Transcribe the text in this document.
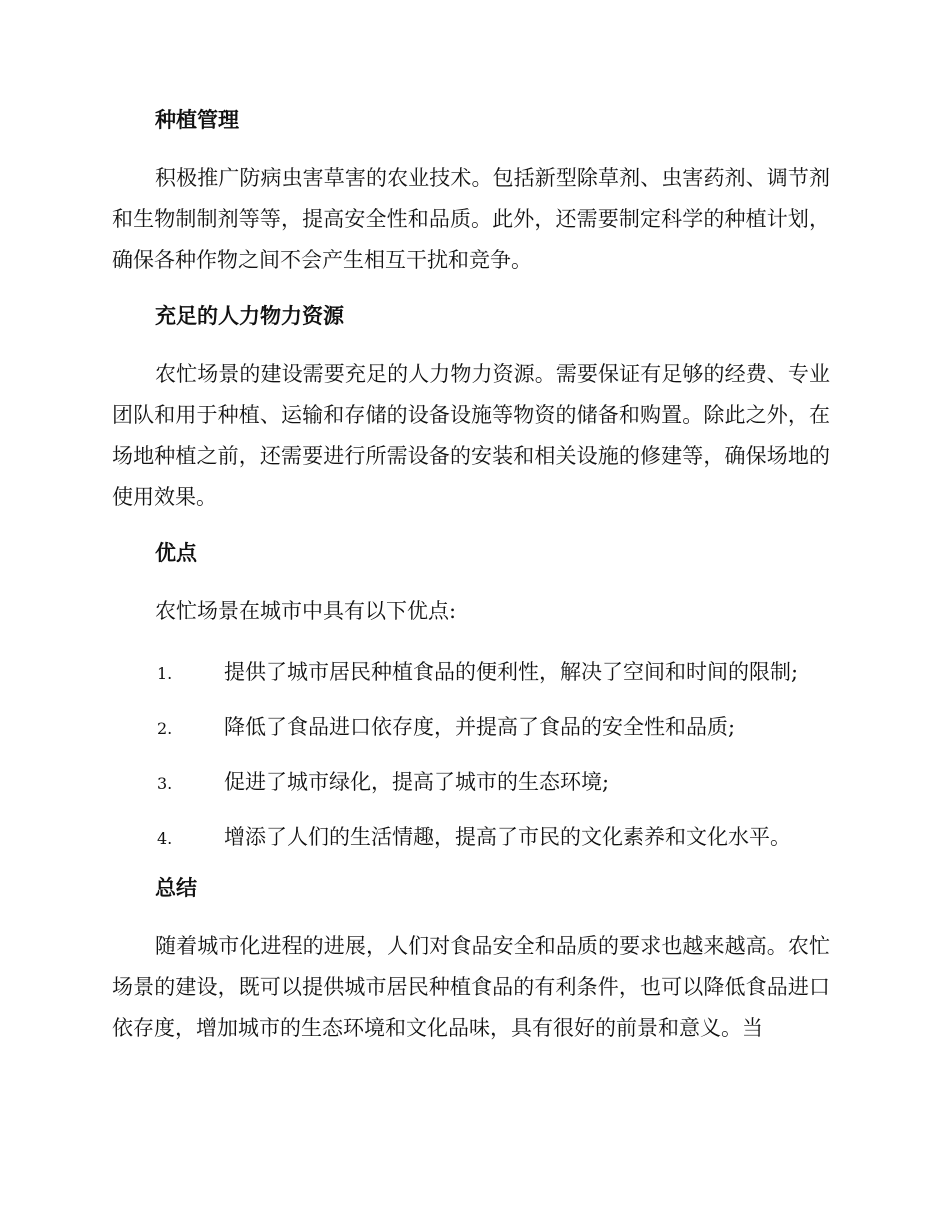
种植管理

积极推广防病虫害草害的农业技术。包括新型除草剂、虫害药剂、调节剂和生物制制剂等等，提高安全性和品质。此外，还需要制定科学的种植计划，确保各种作物之间不会产生相互干扰和竞争。

充足的人力物力资源

农忙场景的建设需要充足的人力物力资源。需要保证有足够的经费、专业团队和用于种植、运输和存储的设备设施等物资的储备和购置。除此之外，在场地种植之前，还需要进行所需设备的安装和相关设施的修建等，确保场地的使用效果。

优点

农忙场景在城市中具有以下优点:

1.	提供了城市居民种植食品的便利性，解决了空间和时间的限制;
2.	降低了食品进口依存度，并提高了食品的安全性和品质;
3.	促进了城市绿化，提高了城市的生态环境;
4.	增添了人们的生活情趣，提高了市民的文化素养和文化水平。
总结

随着城市化进程的进展，人们对食品安全和品质的要求也越来越高。农忙场景的建设，既可以提供城市居民种植食品的有利条件，也可以降低食品进口依存度，增加城市的生态环境和文化品味，具有很好的前景和意义。当
